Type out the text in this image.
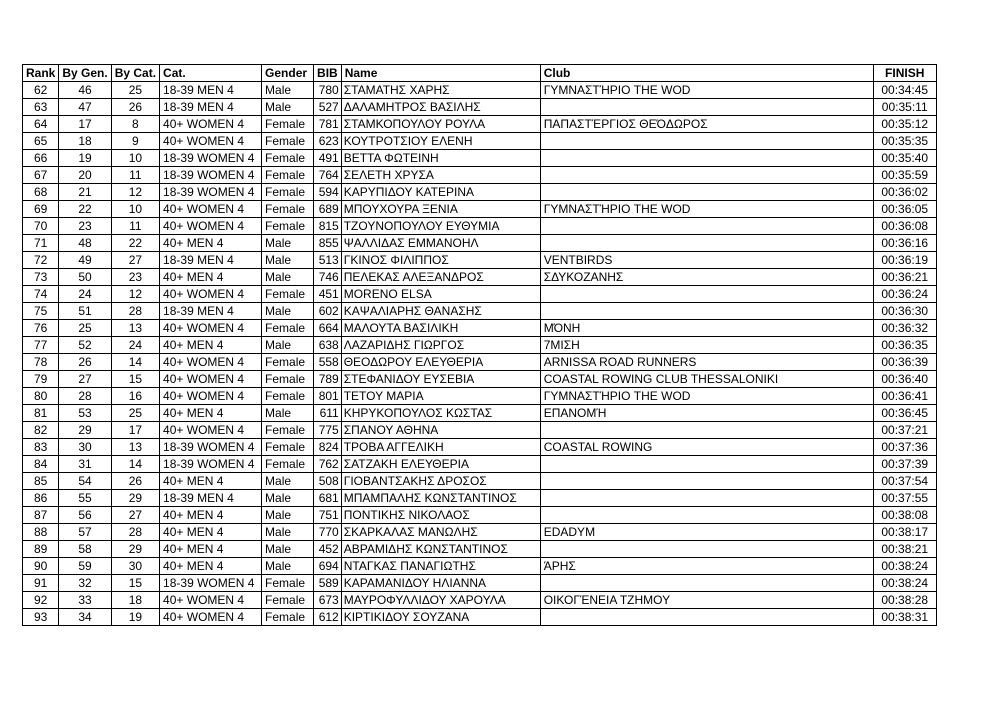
Rank	By Gen.	By Cat.	Cat.	Gender	BIB	Name	Club	FINISH
62	46	25	18-39 MEN 4	Male	780	ΣΤΑΜΑΤΗΣ ΧΑΡΗΣ	ΓΥΜΝΑΣΤΉΡΙΟ THE WOD	00:34:45
63	47	26	18-39 MEN 4	Male	527	ΔΑΛΑΜΗΤΡΟΣ ΒΑΣΙΛΗΣ		00:35:11
64	17	8	40+ WOMEN 4	Female	781	ΣΤΑΜΚΟΠΟΥΛΟΥ ΡΟΥΛΑ	ΠΑΠΑΣΤΈΡΓΙΟΣ ΘΕΌΔΩΡΟΣ	00:35:12
65	18	9	40+ WOMEN 4	Female	623	ΚΟΥΤΡΟΤΣΙΟΥ ΕΛΕΝΗ		00:35:35
66	19	10	18-39 WOMEN 4	Female	491	ΒΕΤΤΑ ΦΩΤΕΙΝΗ		00:35:40
67	20	11	18-39 WOMEN 4	Female	764	ΣΕΛΕΤΗ ΧΡΥΣΑ		00:35:59
68	21	12	18-39 WOMEN 4	Female	594	ΚΑΡΥΠΙΔΟΥ ΚΑΤΕΡΙΝΑ		00:36:02
69	22	10	40+ WOMEN 4	Female	689	ΜΠΟΥΧΟΥΡΑ ΞΕΝΙΑ	ΓΥΜΝΑΣΤΉΡΙΟ THE WOD	00:36:05
70	23	11	40+ WOMEN 4	Female	815	ΤΖΟΥΝΟΠΟΥΛΟΥ ΕΥΘΥΜΙΑ		00:36:08
71	48	22	40+ MEN 4	Male	855	ΨΑΛΛΙΔΑΣ ΕΜΜΑΝΟΗΛ		00:36:16
72	49	27	18-39 MEN 4	Male	513	ΓΚΙΝΟΣ ΦΙΛΙΠΠΟΣ	VENTBIRDS	00:36:19
73	50	23	40+ MEN 4	Male	746	ΠΕΛΕΚΑΣ ΑΛΕΞΑΝΔΡΟΣ	ΣΔΥΚΟΖΑΝΗΣ	00:36:21
74	24	12	40+ WOMEN 4	Female	451	MORENO ELSA		00:36:24
75	51	28	18-39 MEN 4	Male	602	ΚΑΨΑΛΙΑΡΗΣ ΘΑΝΑΣΗΣ		00:36:30
76	25	13	40+ WOMEN 4	Female	664	ΜΑΛΟΥΤΑ ΒΑΣΙΛΙΚΗ	ΜΌΝΗ	00:36:32
77	52	24	40+ MEN 4	Male	638	ΛΑΖΑΡΙΔΗΣ ΓΙΩΡΓΟΣ	7ΜΙΣΗ	00:36:35
78	26	14	40+ WOMEN 4	Female	558	ΘΕΟΔΩΡΟΥ ΕΛΕΥΘΕΡΙΑ	ARNISSA ROAD RUNNERS	00:36:39
79	27	15	40+ WOMEN 4	Female	789	ΣΤΕΦΑΝΙΔΟΥ ΕΥΣΕΒΙΑ	COASTAL ROWING CLUB THESSALONIKI	00:36:40
80	28	16	40+ WOMEN 4	Female	801	ΤΕΤΟΥ ΜΑΡΙΑ	ΓΥΜΝΑΣΤΉΡΙΟ THE WOD	00:36:41
81	53	25	40+ MEN 4	Male	611	ΚΗΡΥΚΟΠΟΥΛΟΣ ΚΩΣΤΑΣ	ΕΠΑΝΟΜΉ	00:36:45
82	29	17	40+ WOMEN 4	Female	775	ΣΠΑΝΟΥ ΑΘΗΝΑ		00:37:21
83	30	13	18-39 WOMEN 4	Female	824	ΤΡΟΒΑ ΑΓΓΕΛΙΚΗ	COASTAL ROWING	00:37:36
84	31	14	18-39 WOMEN 4	Female	762	ΣΑΤΖΑΚΗ ΕΛΕΥΘΕΡΙΑ		00:37:39
85	54	26	40+ MEN 4	Male	508	ΓΙΟΒΑΝΤΣΑΚΗΣ ΔΡΟΣΟΣ		00:37:54
86	55	29	18-39 MEN 4	Male	681	ΜΠΑΜΠΑΛΗΣ ΚΩΝΣΤΑΝΤΙΝΟΣ		00:37:55
87	56	27	40+ MEN 4	Male	751	ΠΟΝΤΙΚΗΣ ΝΙΚΟΛΑΟΣ		00:38:08
88	57	28	40+ MEN 4	Male	770	ΣΚΑΡΚΑΛΑΣ ΜΑΝΩΛΗΣ	EDADYM	00:38:17
89	58	29	40+ MEN 4	Male	452	ΑΒΡΑΜΙΔΗΣ ΚΩΝΣΤΑΝΤΙΝΟΣ		00:38:21
90	59	30	40+ MEN 4	Male	694	ΝΤΑΓΚΑΣ ΠΑΝΑΓΙΩΤΗΣ	ΆΡΗΣ	00:38:24
91	32	15	18-39 WOMEN 4	Female	589	ΚΑΡΑΜΑΝΙΔΟΥ ΗΛΙΑΝΝΑ		00:38:24
92	33	18	40+ WOMEN 4	Female	673	ΜΑΥΡΟΦΥΛΛΙΔΟΥ ΧΑΡΟΥΛΑ	ΟΙΚΟΓΈΝΕΙΑ ΤΖΗΜΟΥ	00:38:28
93	34	19	40+ WOMEN 4	Female	612	ΚΙΡΤΙΚΙΔΟΥ ΣΟΥΖΑΝΑ		00:38:31
